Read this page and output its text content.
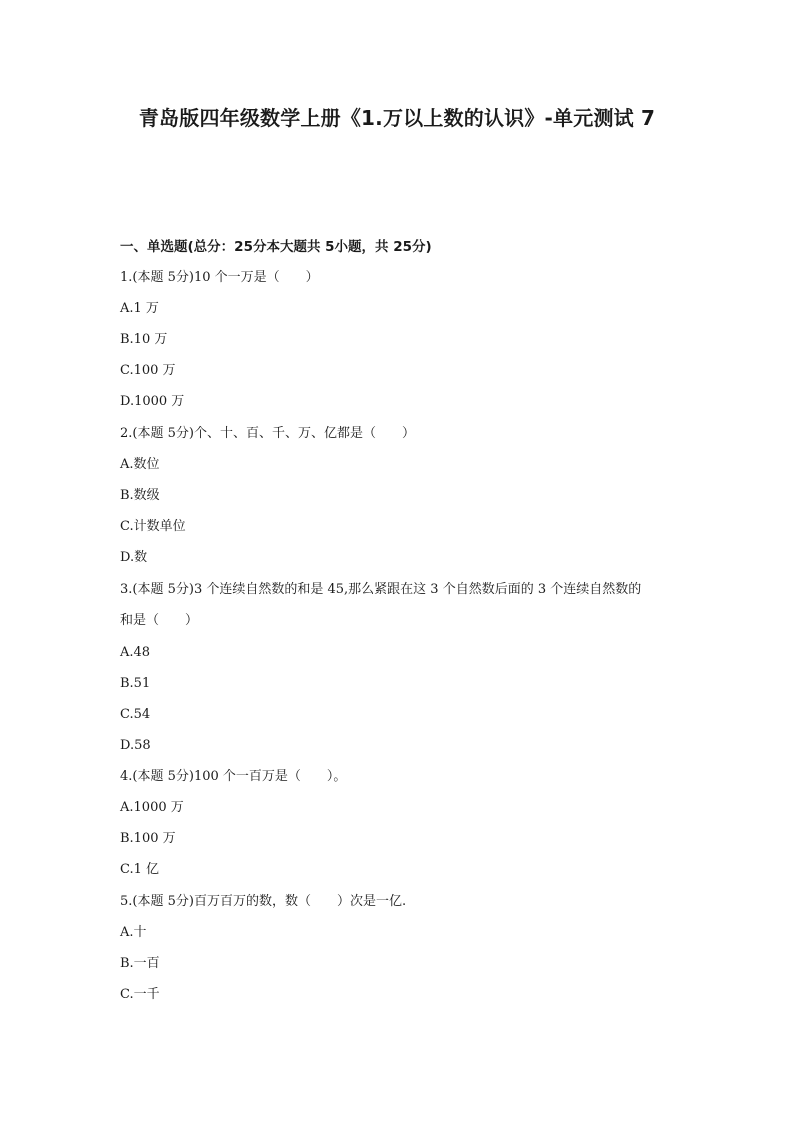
青岛版四年级数学上册《1.万以上数的认识》-单元测试 7
一、单选题(总分：25分本大题共 5小题，共 25分)
1.(本题 5分)10 个一万是（　　）
A.1 万
B.10 万
C.100 万
D.1000 万
2.(本题 5分)个、十、百、千、万、亿都是（　　）
A.数位
B.数级
C.计数单位
D.数
3.(本题 5分)3 个连续自然数的和是 45,那么紧跟在这 3 个自然数后面的 3 个连续自然数的
和是（　　）
A.48
B.51
C.54
D.58
4.(本题 5分)100 个一百万是（　　）。
A.1000 万
B.100 万
C.1 亿
5.(本题 5分)百万百万的数，数（　　）次是一亿.
A.十
B.一百
C.一千
